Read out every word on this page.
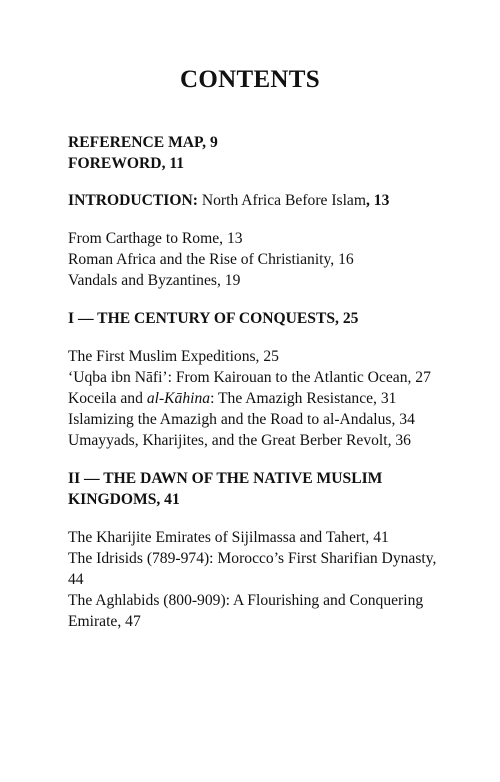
CONTENTS
REFERENCE MAP, 9
FOREWORD, 11
INTRODUCTION: North Africa Before Islam, 13
From Carthage to Rome, 13
Roman Africa and the Rise of Christianity, 16
Vandals and Byzantines, 19
I — THE CENTURY OF CONQUESTS, 25
The First Muslim Expeditions, 25
‘Uqba ibn Nāfi’: From Kairouan to the Atlantic Ocean, 27
Koceila and al-Kāhina: The Amazigh Resistance, 31
Islamizing the Amazigh and the Road to al-Andalus, 34
Umayyads, Kharijites, and the Great Berber Revolt, 36
II — THE DAWN OF THE NATIVE MUSLIM KINGDOMS, 41
The Kharijite Emirates of Sijilmassa and Tahert, 41
The Idrisids (789-974): Morocco’s First Sharifian Dynasty, 44
The Aghlabids (800-909): A Flourishing and Conquering Emirate, 47
